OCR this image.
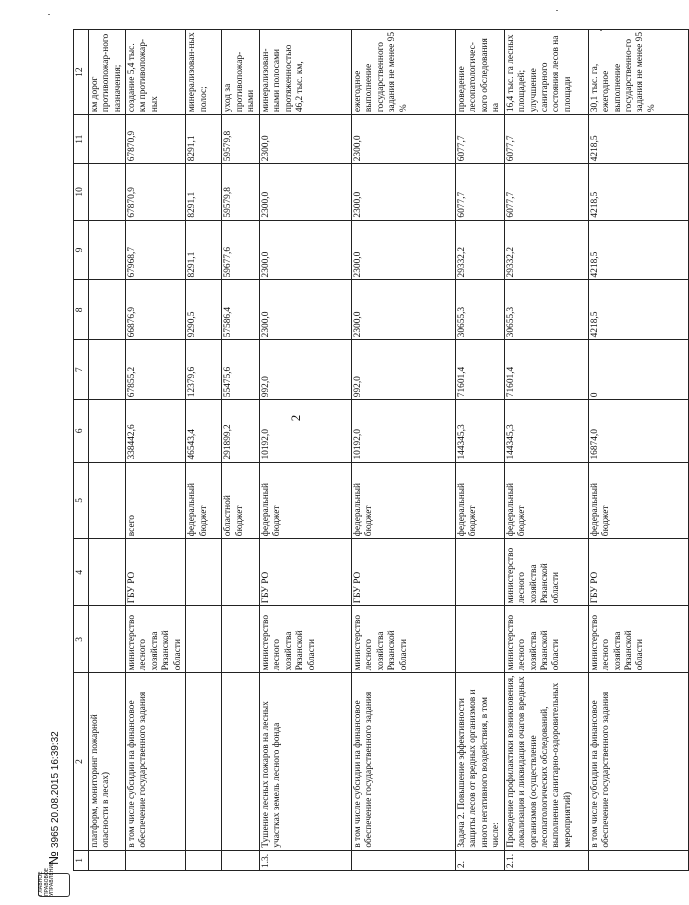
2
1	2	3	4	5	6	7	8	9	10	11	12
	платформ, мониторинг пожарной опасности в лесах)										км дорог противопожар-ного назначения;
	в том числе субсидии на финансовое обеспечение государственного задания	министерство лесного хозяйства Рязанской области	ГБУ РО	всего	338442,6	67855,2	66876,9	67968,7	67870,9	67870,9	создание 5,4 тыс. км противопожар-ных
				федеральный бюджет	46543,4	12379,6	9290,5	8291,1	8291,1	8291,1	минерализован-ных полос;
				областной бюджет	291899,2	55475,6	57586,4	59677,6	59579,8	59579,8	уход за противопожар-ными
1.3.	Тушение лесных пожаров на лесных участках земель лесного фонда	министерство лесного хозяйства Рязанской области	ГБУ РО	федеральный бюджет	10192,0	992,0	2300,0	2300,0	2300,0	2300,0	минерализован-ными полосами протяженностью 46,2 тыс. км,
	в том числе субсидии на финансовое обеспечение государственного задания	министерство лесного хозяйства Рязанской области	ГБУ РО	федеральный бюджет	10192,0	992,0	2300,0	2300,0	2300,0	2300,0	ежегодное выполнение государственного задания не менее 95 %
2.	Задача 2. Повышение эффективности защиты лесов от вредных организмов и иного негативного воздействия, в том числе:			федеральный бюджет	144345,3	71601,4	30655,3	29332,2	6077,7	6077,7	проведение лесопатологичес-кого обследования на
2.1.	Проведение профилактики возникновения, локализация и ликвидация очагов вредных организмов (осуществление лесопатологических обследований, выполнение санитарно-оздоровительных мероприятий)	министерство лесного хозяйства Рязанской области	министерство лесного хозяйства Рязанской области	федеральный бюджет	144345,3	71601,4	30655,3	29332,2	6077,7	6077,7	16,4 тыс. га лесных площадей; улучшение санитарного состояния лесов на площади
	в том числе субсидии на финансовое обеспечение государственного задания	министерство лесного хозяйства Рязанской области	ГБУ РО	федеральный бюджет	16874,0	0	4218,5	4218,5	4218,5	4218,5	30,1 тыс. га, ежегодное выполнение государственно-го задания не менее 95 %
ГЛАВНОЕ ПРАВОВОЕ УПРАВЛЕНИЕ
№3965 20.08.2015 16:39:32
